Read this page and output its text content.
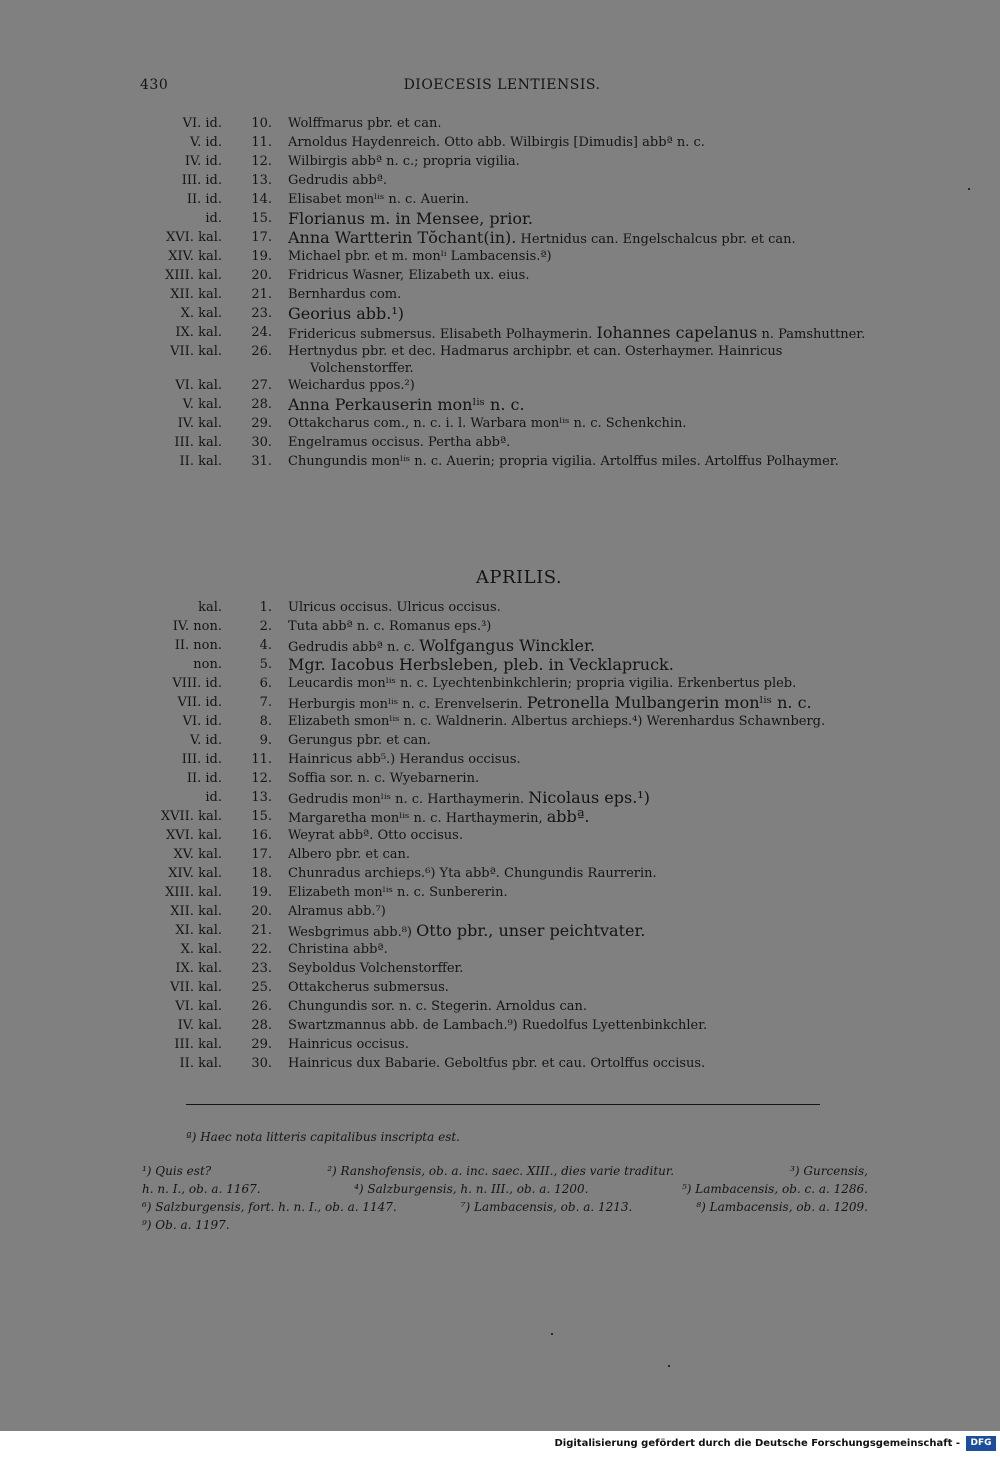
430	DIOECESIS LENTIENSIS.
VI. id.	10.	Wolffmarus pbr. et can.

V. id.	11.	Arnoldus Haydenreich. Otto abb. Wilbirgis [Dimudis] abbª n. c.

IV. id.	12.	Wilbirgis abbª n. c.; propria vigilia.

III. id.	13.	Gedrudis abbª.

II. id.	14.	Elisabet monˡⁱˢ n. c. Auerin.

id.	15.	Florianus m. in Mensee, prior.

XVI. kal.	17.	Anna Wartterin Tŏchant(in). Hertnidus can. Engelschalcus pbr. et can.

XIV. kal.	19.	Michael pbr. et m. monˡⁱ Lambacensis.ª)

XIII. kal.	20.	Fridricus Wasner, Elizabeth ux. eius.

XII. kal.	21.	Bernhardus com.

X. kal.	23.	Georius abb.¹)

IX. kal.	24.	Fridericus submersus. Elisabeth Polhaymerin. Iohannes capelanus n. Pamshuttner.

VII. kal.	26.	Hertnydus pbr. et dec. Hadmarus archipbr. et can. Osterhaymer. Hainricus Volchenstorffer.

VI. kal.	27.	Weichardus ppos.²)

V. kal.	28.	Anna Perkauserin monˡⁱˢ n. c.

IV. kal.	29.	Ottakcharus com., n. c. i. l. Warbara monˡⁱˢ n. c. Schenkchin.

III. kal.	30.	Engelramus occisus. Pertha abbª.

II. kal.	31.	Chungundis monˡⁱˢ n. c. Auerin; propria vigilia. Artolffus miles. Artolffus Polhaymer.
APRILIS.
kal.	1.	Ulricus occisus. Ulricus occisus.

IV. non.	2.	Tuta abbª n. c. Romanus eps.³)

II. non.	4.	Gedrudis abbª n. c. Wolfgangus Winckler.

non.	5.	Mgr. Iacobus Herbsleben, pleb. in Vecklapruck.

VIII. id.	6.	Leucardis monˡⁱˢ n. c. Lyechtenbinkchlerin; propria vigilia. Erkenbertus pleb.

VII. id.	7.	Herburgis monˡⁱˢ n. c. Erenvelserin. Petronella Mulbangerin monˡⁱˢ n. c.

VI. id.	8.	Elizabeth smonˡⁱˢ n. c. Waldnerin. Albertus archieps.⁴) Werenhardus Schawnberg.

V. id.	9.	Gerungus pbr. et can.

III. id.	11.	Hainricus abb⁵.) Herandus occisus.

II. id.	12.	Soffia sor. n. c. Wyebarnerin.

id.	13.	Gedrudis monˡⁱˢ n. c. Harthaymerin. Nicolaus eps.¹)

XVII. kal.	15.	Margaretha monˡⁱˢ n. c. Harthaymerin, abbª.

XVI. kal.	16.	Weyrat abbª. Otto occisus.

XV. kal.	17.	Albero pbr. et can.

XIV. kal.	18.	Chunradus archieps.⁶) Yta abbª. Chungundis Raurrerin.

XIII. kal.	19.	Elizabeth monˡⁱˢ n. c. Sunbererin.

XII. kal.	20.	Alramus abb.⁷)

XI. kal.	21.	Wesbgrimus abb.⁸) Otto pbr., unser peichtvater.

X. kal.	22.	Christina abbª.

IX. kal.	23.	Seyboldus Volchenstorffer.

VII. kal.	25.	Ottakcherus submersus.

VI. kal.	26.	Chungundis sor. n. c. Stegerin. Arnoldus can.

IV. kal.	28.	Swartzmannus abb. de Lambach.⁹) Ruedolfus Lyettenbinkchler.

III. kal.	29.	Hainricus occisus.

II. kal.	30.	Hainricus dux Babarie. Geboltfus pbr. et cau. Ortolffus occisus.
ª) Haec nota litteris capitalibus inscripta est.
¹) Quis est?	²) Ranshofensis, ob. a. inc. saec. XIII., dies varie traditur.	³) Gurcensis,
h. n. I., ob. a. 1167.	⁴) Salzburgensis, h. n. III., ob. a. 1200.	⁵) Lambacensis, ob. c. a. 1286.
⁶) Salzburgensis, fort. h. n. I., ob. a. 1147.	⁷) Lambacensis, ob. a. 1213.	⁸) Lambacensis, ob. a. 1209.
⁹) Ob. a. 1197.
Digitalisierung gefördert durch die Deutsche Forschungsgemeinschaft -	DFG
